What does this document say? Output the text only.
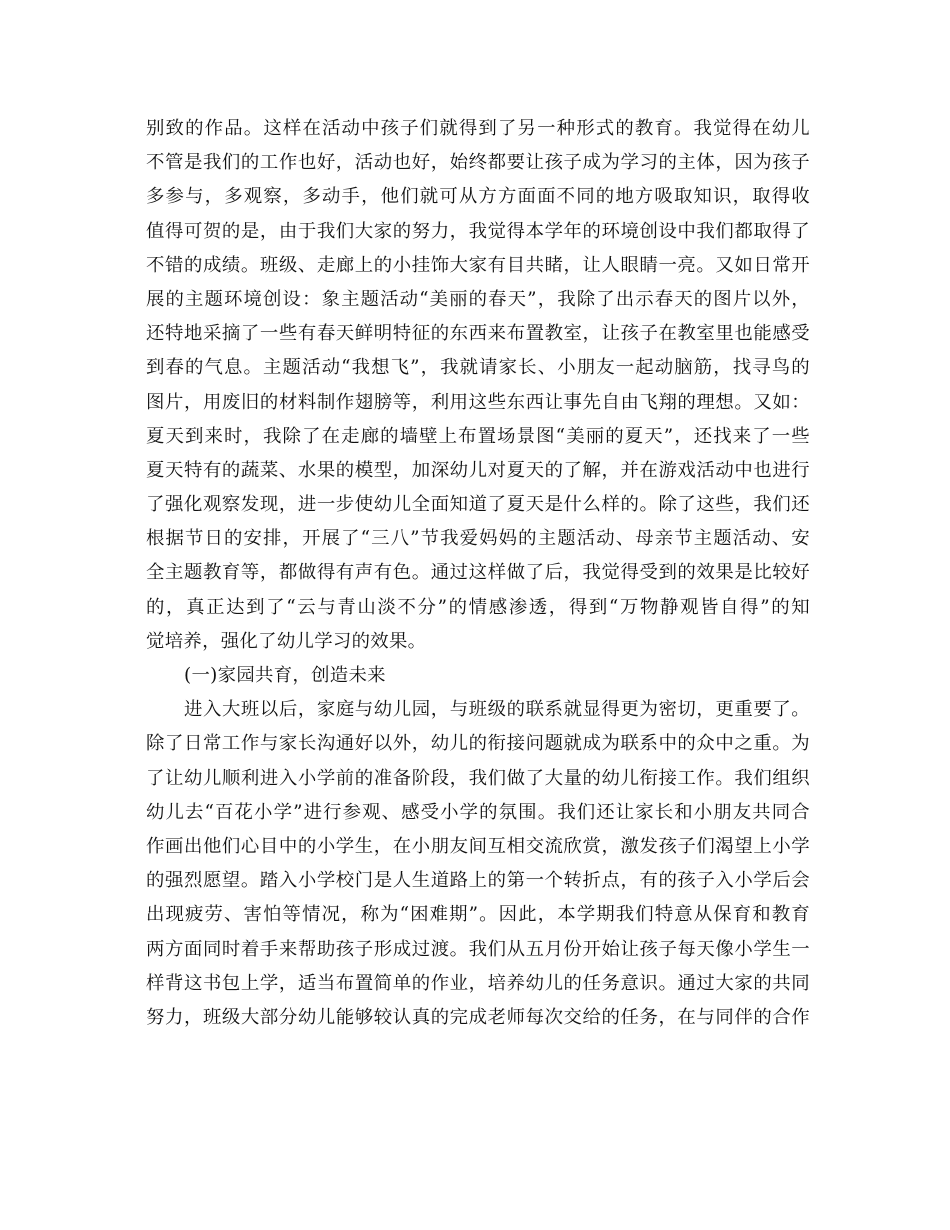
别致的作品。这样在活动中孩子们就得到了另一种形式的教育。我觉得在幼儿
不管是我们的工作也好，活动也好，始终都要让孩子成为学习的主体，因为孩子
多参与，多观察，多动手，他们就可从方方面面不同的地方吸取知识，取得收
值得可贺的是，由于我们大家的努力，我觉得本学年的环境创设中我们都取得了
不错的成绩。班级、走廊上的小挂饰大家有目共睹，让人眼睛一亮。又如日常开
展的主题环境创设：象主题活动“美丽的春天”，我除了出示春天的图片以外，
还特地采摘了一些有春天鲜明特征的东西来布置教室，让孩子在教室里也能感受
到春的气息。主题活动“我想飞”，我就请家长、小朋友一起动脑筋，找寻鸟的
图片，用废旧的材料制作翅膀等，利用这些东西让事先自由飞翔的理想。又如：
夏天到来时，我除了在走廊的墙壁上布置场景图“美丽的夏天”，还找来了一些
夏天特有的蔬菜、水果的模型，加深幼儿对夏天的了解，并在游戏活动中也进行
了强化观察发现，进一步使幼儿全面知道了夏天是什么样的。除了这些，我们还
根据节日的安排，开展了“三八”节我爱妈妈的主题活动、母亲节主题活动、安
全主题教育等，都做得有声有色。通过这样做了后，我觉得受到的效果是比较好
的，真正达到了“云与青山淡不分”的情感渗透，得到“万物静观皆自得”的知
觉培养，强化了幼儿学习的效果。
(一)家园共育，创造未来
进入大班以后，家庭与幼儿园，与班级的联系就显得更为密切，更重要了。
除了日常工作与家长沟通好以外，幼儿的衔接问题就成为联系中的众中之重。为
了让幼儿顺利进入小学前的准备阶段，我们做了大量的幼儿衔接工作。我们组织
幼儿去“百花小学”进行参观、感受小学的氛围。我们还让家长和小朋友共同合
作画出他们心目中的小学生，在小朋友间互相交流欣赏，激发孩子们渴望上小学
的强烈愿望。踏入小学校门是人生道路上的第一个转折点，有的孩子入小学后会
出现疲劳、害怕等情况，称为“困难期”。因此，本学期我们特意从保育和教育
两方面同时着手来帮助孩子形成过渡。我们从五月份开始让孩子每天像小学生一
样背这书包上学，适当布置简单的作业，培养幼儿的任务意识。通过大家的共同
努力，班级大部分幼儿能够较认真的完成老师每次交给的任务，在与同伴的合作
